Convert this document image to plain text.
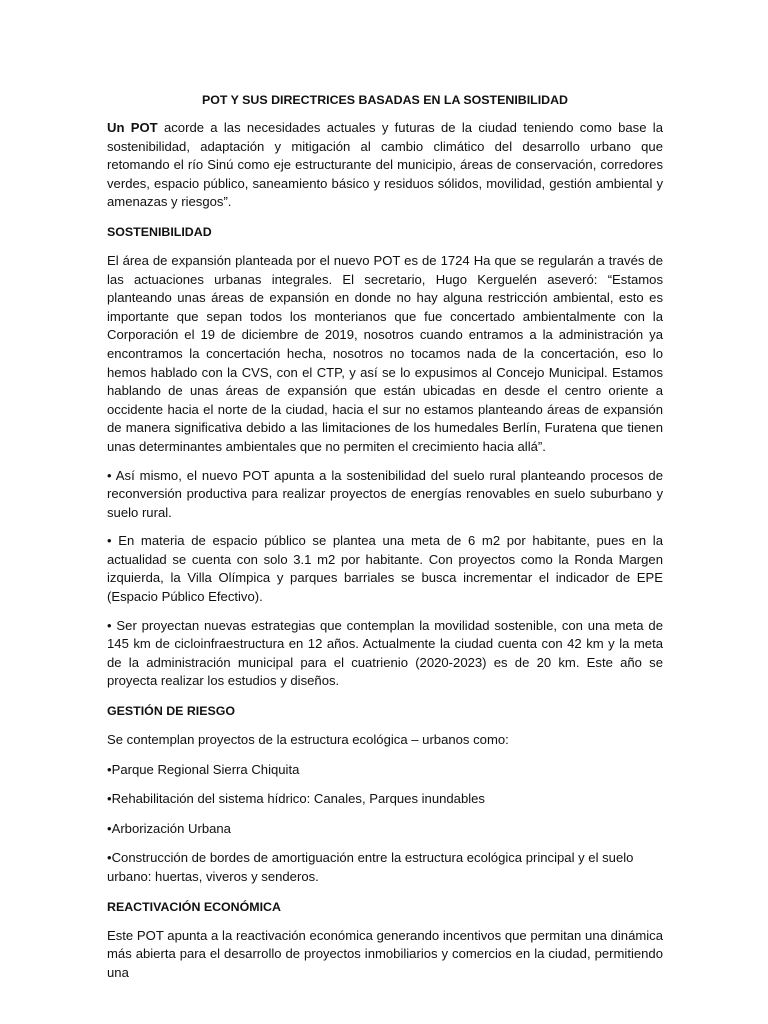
POT Y SUS DIRECTRICES BASADAS EN LA SOSTENIBILIDAD

Un POT acorde a las necesidades actuales y futuras de la ciudad teniendo como base la sostenibilidad, adaptación y mitigación al cambio climático del desarrollo urbano que retomando el río Sinú como eje estructurante del municipio, áreas de conservación, corredores verdes, espacio público, saneamiento básico y residuos sólidos, movilidad, gestión ambiental y amenazas y riesgos”.

SOSTENIBILIDAD

El área de expansión planteada por el nuevo POT es de 1724 Ha que se regularán a través de las actuaciones urbanas integrales. El secretario, Hugo Kerguelén aseveró: “Estamos planteando unas áreas de expansión en donde no hay alguna restricción ambiental, esto es importante que sepan todos los monterianos que fue concertado ambientalmente con la Corporación el 19 de diciembre de 2019, nosotros cuando entramos a la administración ya encontramos la concertación hecha, nosotros no tocamos nada de la concertación, eso lo hemos hablado con la CVS, con el CTP, y así se lo expusimos al Concejo Municipal. Estamos hablando de unas áreas de expansión que están ubicadas en desde el centro oriente a occidente hacia el norte de la ciudad, hacia el sur no estamos planteando áreas de expansión de manera significativa debido a las limitaciones de los humedales Berlín, Furatena que tienen unas determinantes ambientales que no permiten el crecimiento hacia allá”.

• Así mismo, el nuevo POT apunta a la sostenibilidad del suelo rural planteando procesos de reconversión productiva para realizar proyectos de energías renovables en suelo suburbano y suelo rural.

• En materia de espacio público se plantea una meta de 6 m2 por habitante, pues en la actualidad se cuenta con solo 3.1 m2 por habitante. Con proyectos como la Ronda Margen izquierda, la Villa Olímpica y parques barriales se busca incrementar el indicador de EPE (Espacio Público Efectivo).

• Ser proyectan nuevas estrategias que contemplan la movilidad sostenible, con una meta de 145 km de cicloinfraestructura en 12 años. Actualmente la ciudad cuenta con 42 km y la meta de la administración municipal para el cuatrienio (2020-2023) es de 20 km. Este año se proyecta realizar los estudios y diseños.

GESTIÓN DE RIESGO

Se contemplan proyectos de la estructura ecológica – urbanos como:

•Parque Regional Sierra Chiquita

•Rehabilitación del sistema hídrico: Canales, Parques inundables

•Arborización Urbana

•Construcción de bordes de amortiguación entre la estructura ecológica principal y el suelo urbano: huertas, viveros y senderos.

REACTIVACIÓN ECONÓMICA

Este POT apunta a la reactivación económica generando incentivos que permitan una dinámica más abierta para el desarrollo de proyectos inmobiliarios y comercios en la ciudad, permitiendo una
